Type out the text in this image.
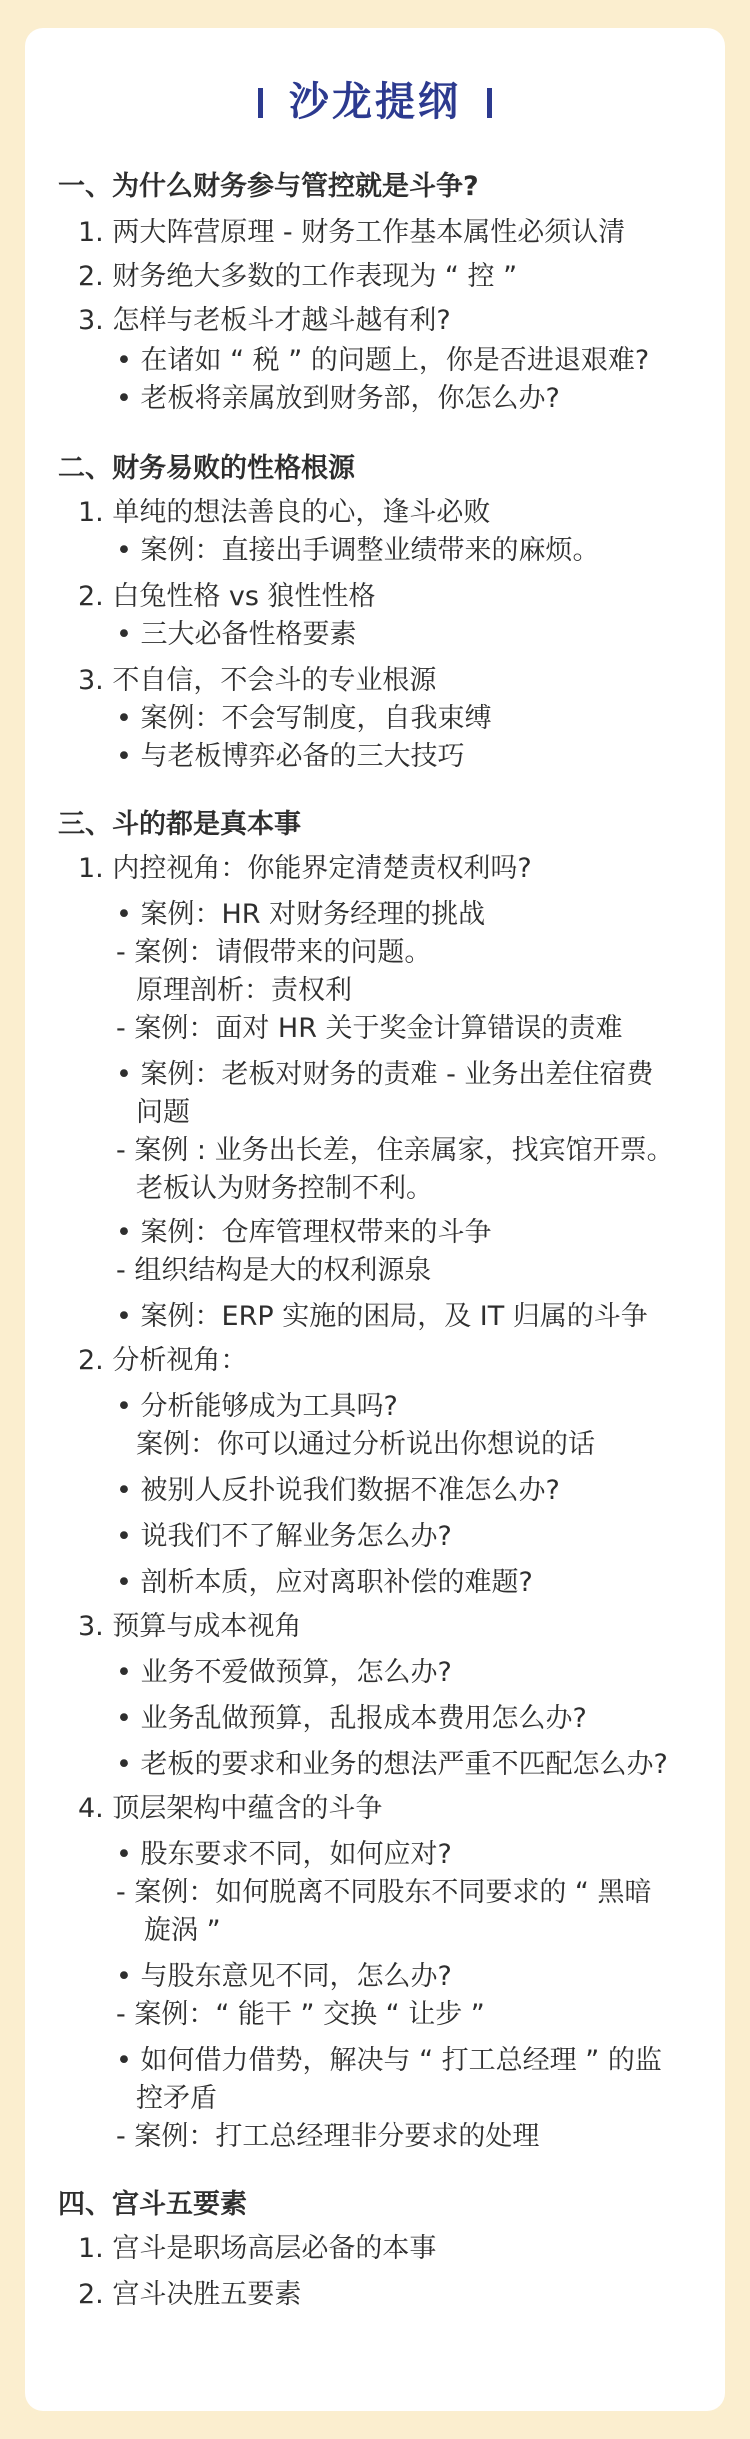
沙龙提纲
一、为什么财务参与管控就是斗争?
1. 两大阵营原理 - 财务工作基本属性必须认清
2. 财务绝大多数的工作表现为 “ 控 ”
3. 怎样与老板斗才越斗越有利?
• 在诸如 “ 税 ” 的问题上，你是否进退艰难?
• 老板将亲属放到财务部，你怎么办?
二、财务易败的性格根源
1. 单纯的想法善良的心，逢斗必败
• 案例：直接出手调整业绩带来的麻烦。
2. 白兔性格 vs 狼性性格
• 三大必备性格要素
3. 不自信，不会斗的专业根源
• 案例：不会写制度，自我束缚
• 与老板博弈必备的三大技巧
三、斗的都是真本事
1. 内控视角：你能界定清楚责权利吗?
• 案例：HR 对财务经理的挑战
- 案例：请假带来的问题。
原理剖析：责权利
- 案例：面对 HR 关于奖金计算错误的责难
• 案例：老板对财务的责难 - 业务出差住宿费
问题
- 案例 : 业务出长差，住亲属家，找宾馆开票。
老板认为财务控制不利。
• 案例：仓库管理权带来的斗争
- 组织结构是大的权利源泉
• 案例：ERP 实施的困局，及 IT 归属的斗争
2. 分析视角：
• 分析能够成为工具吗?
案例：你可以通过分析说出你想说的话
• 被别人反扑说我们数据不准怎么办?
• 说我们不了解业务怎么办?
• 剖析本质，应对离职补偿的难题?
3. 预算与成本视角
• 业务不爱做预算，怎么办?
• 业务乱做预算，乱报成本费用怎么办?
• 老板的要求和业务的想法严重不匹配怎么办?
4. 顶层架构中蕴含的斗争
• 股东要求不同，如何应对?
- 案例：如何脱离不同股东不同要求的 “ 黑暗
旋涡 ”
• 与股东意见不同，怎么办?
- 案例：“ 能干 ” 交换 “ 让步 ”
• 如何借力借势，解决与 “ 打工总经理 ” 的监
控矛盾
- 案例：打工总经理非分要求的处理
四、宫斗五要素
1. 宫斗是职场高层必备的本事
2. 宫斗决胜五要素
